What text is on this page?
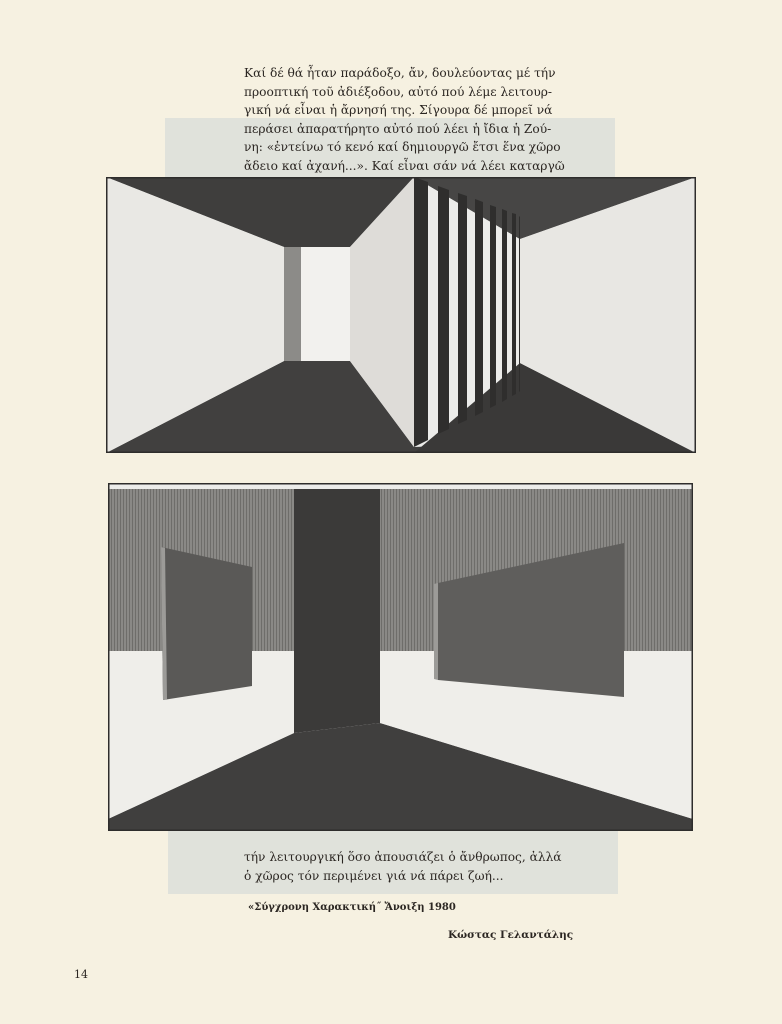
Καί δέ θά ἦταν παράδοξο, ἄν, δουλεύοντας μέ τήν
προοπτική τοῦ ἀδιέξοδου, αὐτό πού λέμε λειτουρ-
γική νά εἶναι ἡ ἄρνησή της. Σίγουρα δέ μπορεῖ νά
περάσει ἀπαρατήρητο αὐτό πού λέει ἡ ἴδια ἡ Ζού-
νη: «ἐντείνω τό κενό καί δημιουργῶ ἔτσι ἕνα χῶρο
ἄδειο καί ἀχανή...». Καί εἶναι σάν νά λέει καταργῶ
τήν λειτουργική ὅσο ἀπουσιάζει ὁ ἄνθρωπος, ἀλλά
ὁ χῶρος τόν περιμένει γιά νά πάρει ζωή...
«Σύγχρονη Χαρακτική˝ Ἄνοιξη 1980
Κώστας Γελαντάλης
14
